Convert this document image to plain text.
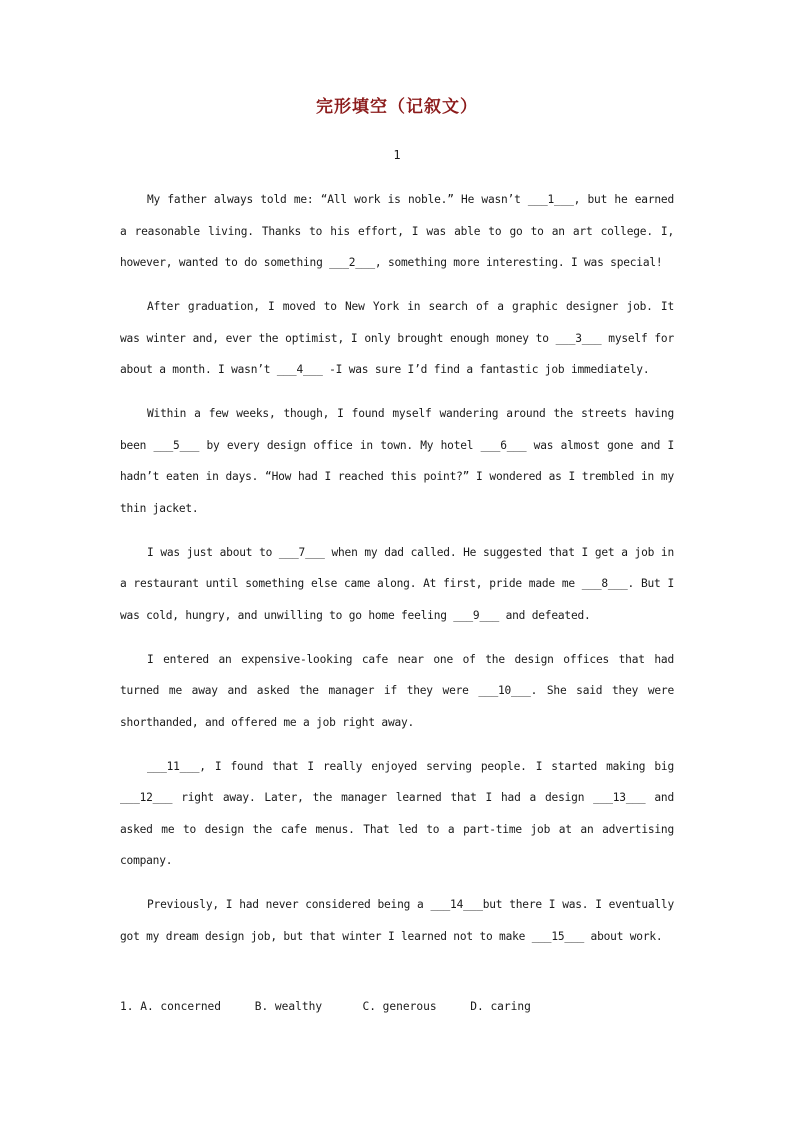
完形填空（记叙文）
1

My father always told me: “All work is noble.” He wasn’t ___1___, but he earned a reasonable living. Thanks to his effort, I was able to go to an art college. I, however, wanted to do something ___2___, something more interesting. I was special!

After graduation, I moved to New York in search of a graphic designer job. It was winter and, ever the optimist, I only brought enough money to ___3___ myself for about a month. I wasn’t ___4___ -I was sure I’d find a fantastic job immediately.

Within a few weeks, though, I found myself wandering around the streets having been ___5___ by every design office in town. My hotel ___6___ was almost gone and I hadn’t eaten in days. “How had I reached this point?” I wondered as I trembled in my thin jacket.

I was just about to ___7___ when my dad called. He suggested that I get a job in a restaurant until something else came along. At first, pride made me ___8___. But I was cold, hungry, and unwilling to go home feeling ___9___ and defeated.

I entered an expensive-looking cafe near one of the design offices that had turned me away and asked the manager if they were ___10___. She said they were shorthanded, and offered me a job right away.

___11___, I found that I really enjoyed serving people. I started making big ___12___ right away. Later, the manager learned that I had a design ___13___ and asked me to design the cafe menus. That led to a part-time job at an advertising company.

Previously, I had never considered being a ___14___but there I was. I eventually got my dream design job, but that winter I learned not to make ___15___ about work.

1. A. concerned     B. wealthy      C. generous     D. caring
